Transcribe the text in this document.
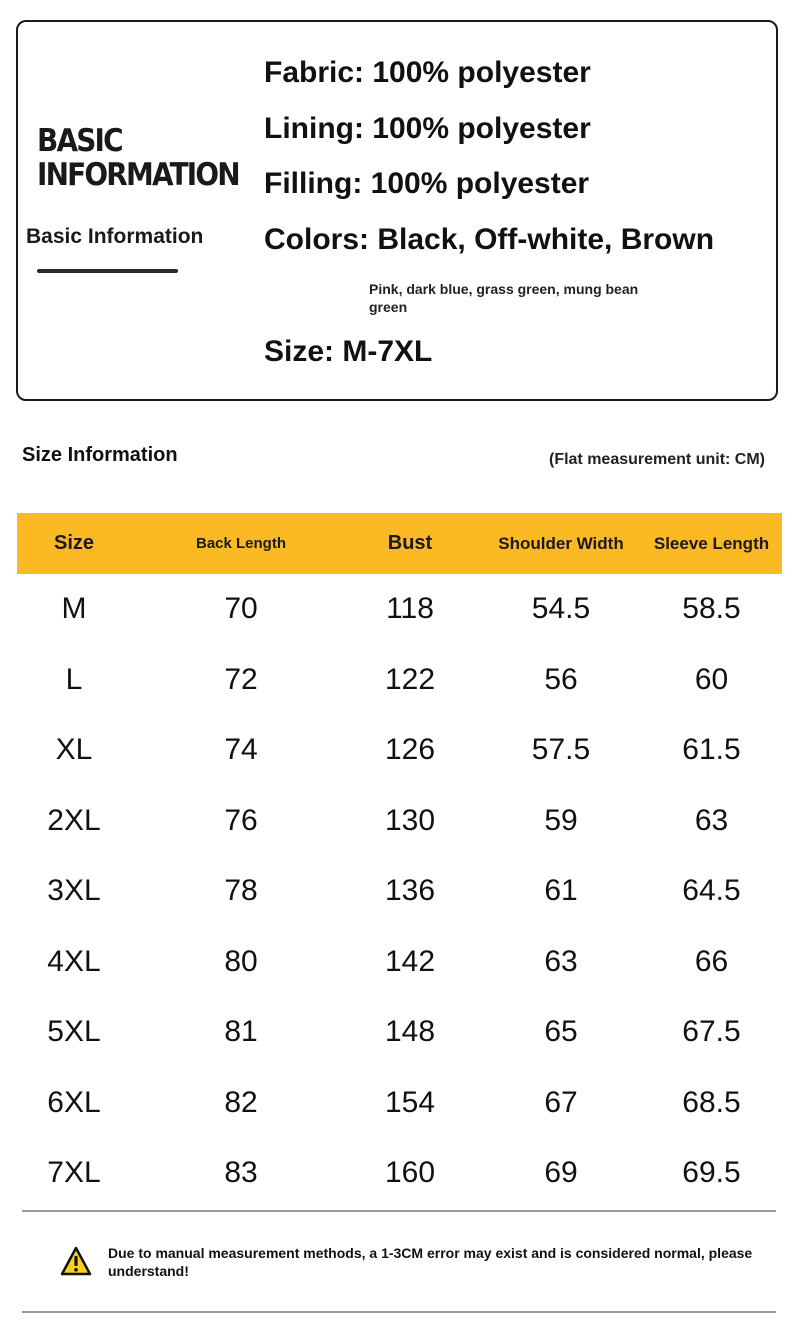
BASIC
INFORMATION
Basic Information
Fabric: 100% polyester
Lining: 100% polyester
Filling: 100% polyester
Colors: Black, Off-white, Brown
Pink, dark blue, grass green, mung bean green
Size: M-7XL
Size Information	(Flat measurement unit: CM)
Size	Back Length	Bust	Shoulder Width	Sleeve Length
M	70	118	54.5	58.5
L	72	122	56	60
XL	74	126	57.5	61.5
2XL	76	130	59	63
3XL	78	136	61	64.5
4XL	80	142	63	66
5XL	81	148	65	67.5
6XL	82	154	67	68.5
7XL	83	160	69	69.5
Due to manual measurement methods, a 1-3CM error may exist and is considered normal, please understand!
